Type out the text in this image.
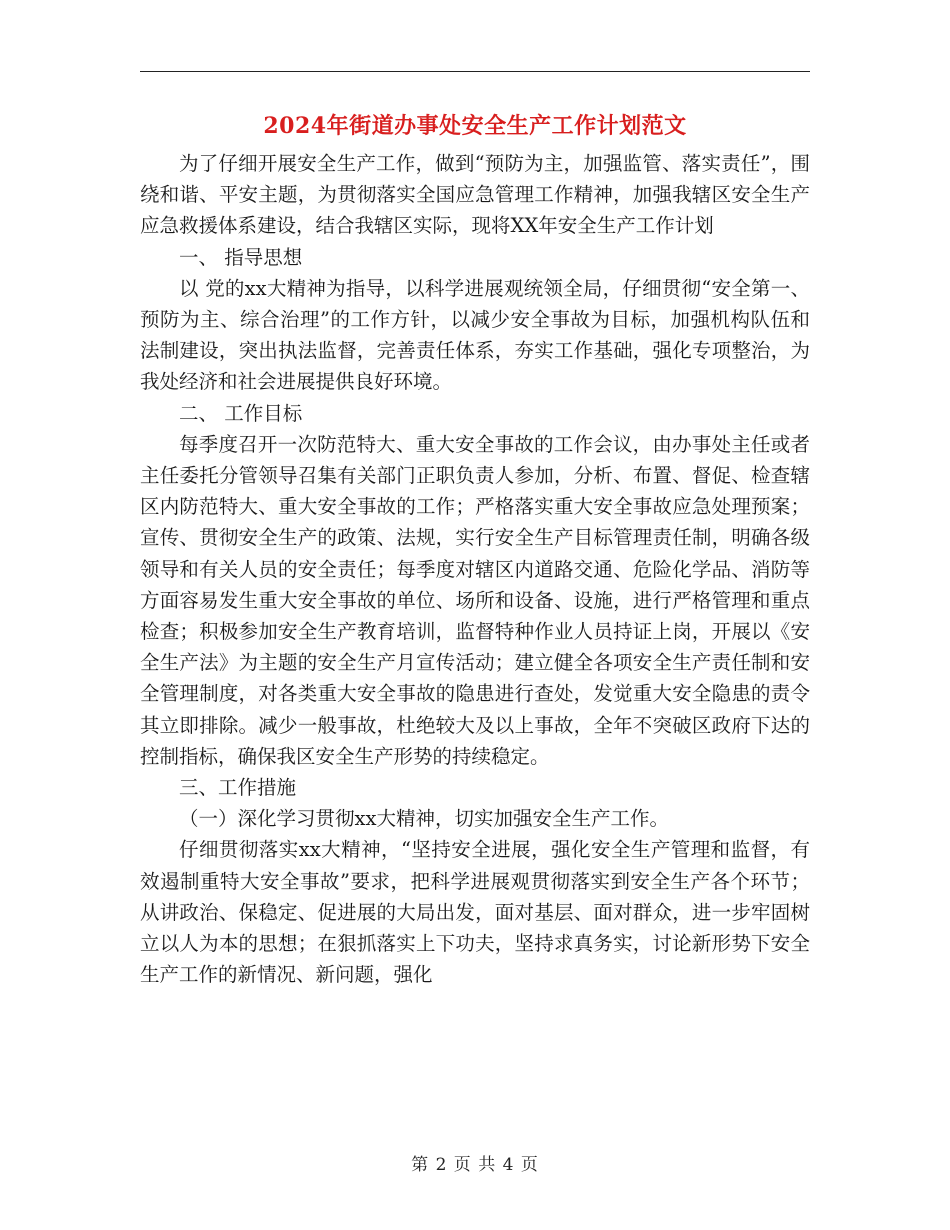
2024年街道办事处安全生产工作计划范文

为了仔细开展安全生产工作，做到“预防为主，加强监管、落实责任”，围绕和谐、平安主题，为贯彻落实全国应急管理工作精神，加强我辖区安全生产应急救援体系建设，结合我辖区实际，现将XX年安全生产工作计划

一、 指导思想

以 党的xx大精神为指导，以科学进展观统领全局，仔细贯彻“安全第一、预防为主、综合治理”的工作方针，以减少安全事故为目标，加强机构队伍和法制建设，突出执法监督，完善责任体系，夯实工作基础，强化专项整治，为我处经济和社会进展提供良好环境。

二、 工作目标

每季度召开一次防范特大、重大安全事故的工作会议，由办事处主任或者主任委托分管领导召集有关部门正职负责人参加，分析、布置、督促、检查辖区内防范特大、重大安全事故的工作；严格落实重大安全事故应急处理预案；宣传、贯彻安全生产的政策、法规，实行安全生产目标管理责任制，明确各级领导和有关人员的安全责任；每季度对辖区内道路交通、危险化学品、消防等方面容易发生重大安全事故的单位、场所和设备、设施，进行严格管理和重点检查；积极参加安全生产教育培训，监督特种作业人员持证上岗，开展以《安全生产法》为主题的安全生产月宣传活动；建立健全各项安全生产责任制和安全管理制度，对各类重大安全事故的隐患进行查处，发觉重大安全隐患的责令其立即排除。减少一般事故，杜绝较大及以上事故，全年不突破区政府下达的控制指标，确保我区安全生产形势的持续稳定。

三、工作措施

（一）深化学习贯彻xx大精神，切实加强安全生产工作。

仔细贯彻落实xx大精神，“坚持安全进展，强化安全生产管理和监督，有效遏制重特大安全事故”要求，把科学进展观贯彻落实到安全生产各个环节；从讲政治、保稳定、促进展的大局出发，面对基层、面对群众，进一步牢固树立以人为本的思想；在狠抓落实上下功夫，坚持求真务实，讨论新形势下安全生产工作的新情况、新问题，强化

第 2 页 共 4 页
